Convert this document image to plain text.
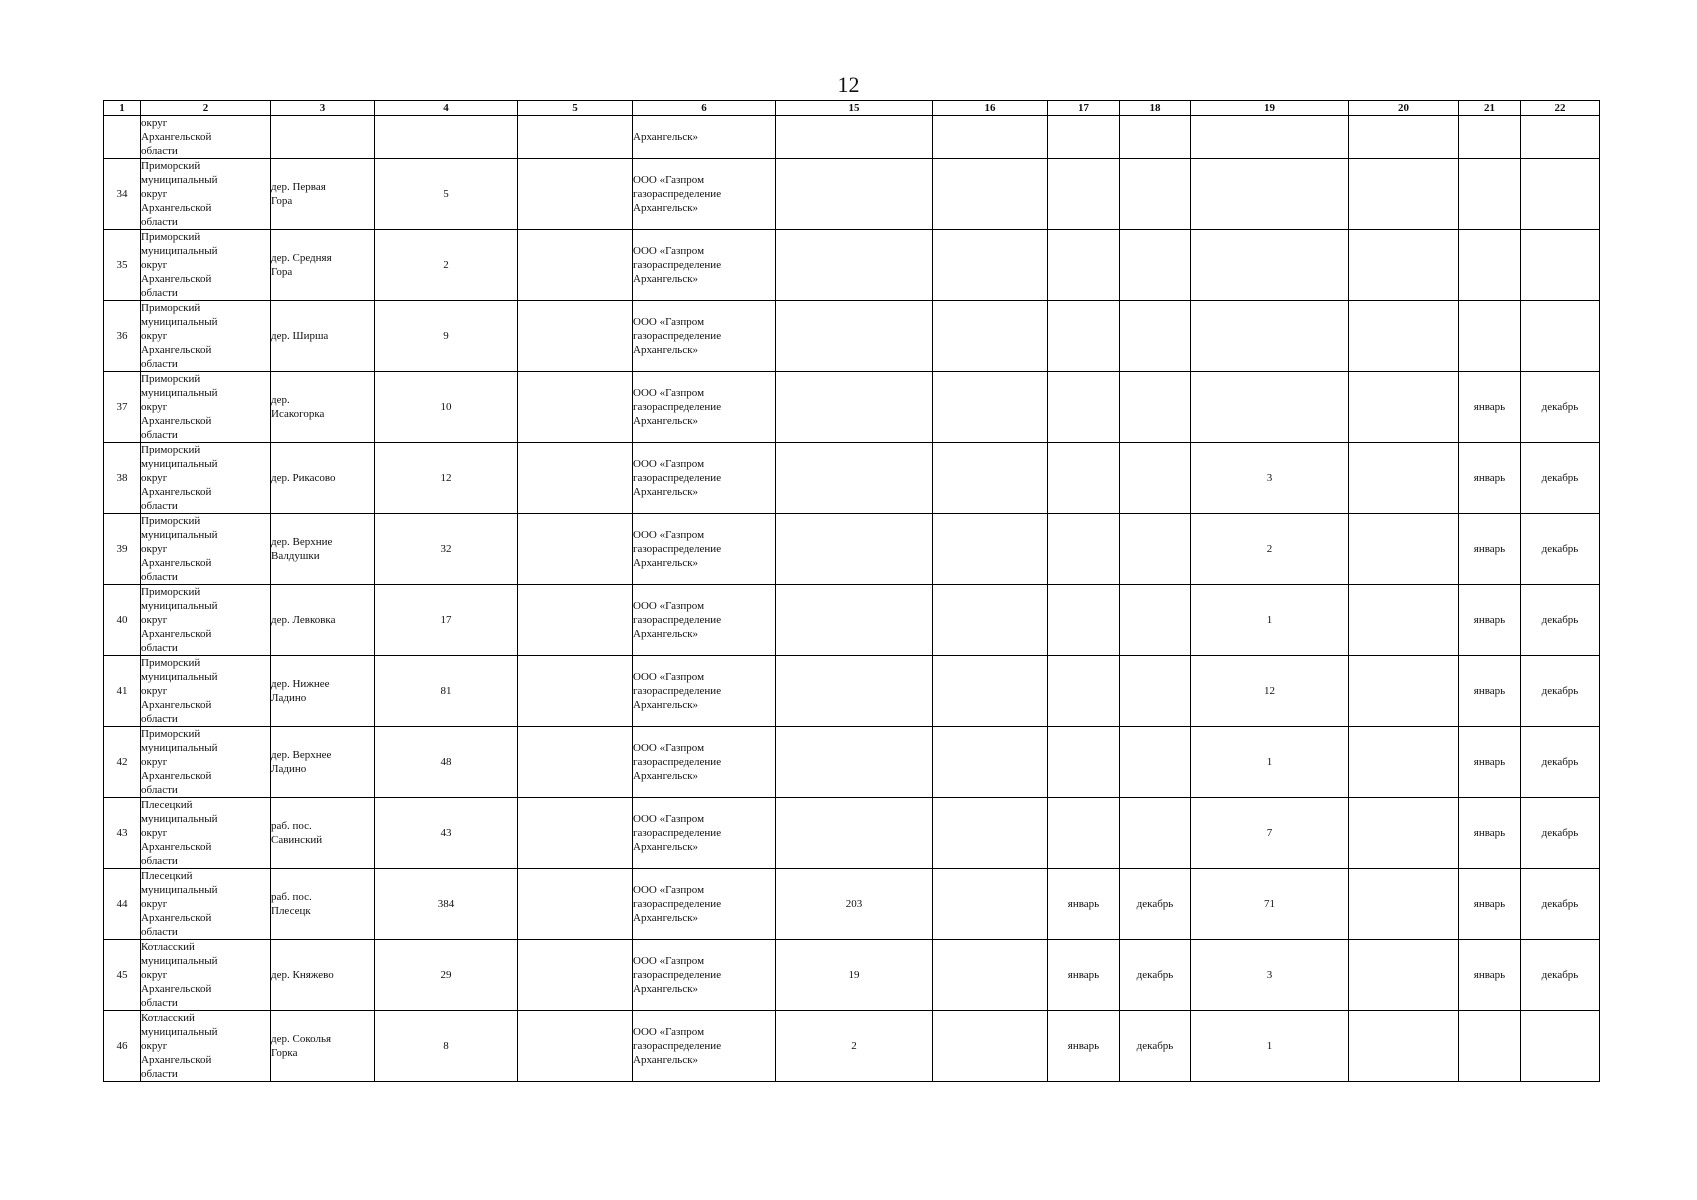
12
1	2	3	4	5	6	15	16	17	18	19	20	21	22

	округ
Архангельской
области				Архангельск»								

34	Приморский
муниципальный
округ
Архангельской
области	дер. Первая
Гора	5		ООО «Газпром
газораспределение
Архангельск»								

35	Приморский
муниципальный
округ
Архангельской
области	дер. Средняя
Гора	2		ООО «Газпром
газораспределение
Архангельск»								

36	Приморский
муниципальный
округ
Архангельской
области	дер. Ширша	9		ООО «Газпром
газораспределение
Архангельск»								

37	Приморский
муниципальный
округ
Архангельской
области	дер.
Исакогорка	10		ООО «Газпром
газораспределение
Архангельск»							январь	декабрь
38	Приморский
муниципальный
округ
Архангельской
области	дер. Рикасово	12		ООО «Газпром
газораспределение
Архангельск»					3		январь	декабрь
39	Приморский
муниципальный
округ
Архангельской
области	дер. Верхние
Валдушки	32		ООО «Газпром
газораспределение
Архангельск»					2		январь	декабрь
40	Приморский
муниципальный
округ
Архангельской
области	дер. Левковка	17		ООО «Газпром
газораспределение
Архангельск»					1		январь	декабрь
41	Приморский
муниципальный
округ
Архангельской
области	дер. Нижнее
Ладино	81		ООО «Газпром
газораспределение
Архангельск»					12		январь	декабрь
42	Приморский
муниципальный
округ
Архангельской
области	дер. Верхнее
Ладино	48		ООО «Газпром
газораспределение
Архангельск»					1		январь	декабрь
43	Плесецкий
муниципальный
округ
Архангельской
области	раб. пос.
Савинский	43		ООО «Газпром
газораспределение
Архангельск»					7		январь	декабрь
44	Плесецкий
муниципальный
округ
Архангельской
области	раб. пос.
Плесецк	384		ООО «Газпром
газораспределение
Архангельск»	203		январь	декабрь	71		январь	декабрь
45	Котласский
муниципальный
округ
Архангельской
области	дер. Княжево	29		ООО «Газпром
газораспределение
Архангельск»	19		январь	декабрь	3		январь	декабрь
46	Котласский
муниципальный
округ
Архангельской
области	дер. Соколья
Горка	8		ООО «Газпром
газораспределение
Архангельск»	2		январь	декабрь	1			
